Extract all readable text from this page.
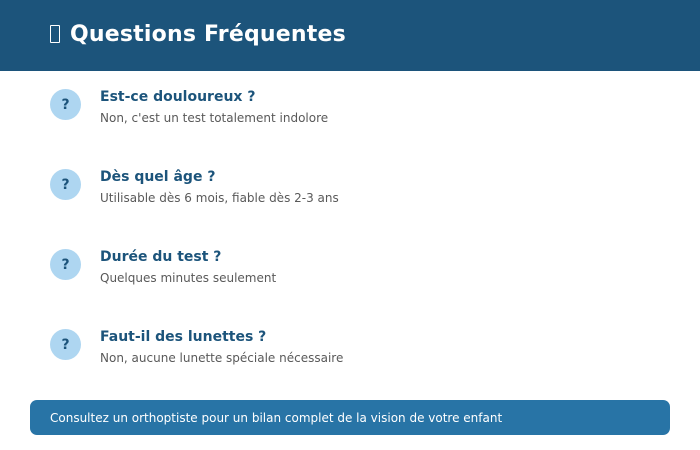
Questions Fréquentes
?	Est-ce douloureux ?
Non, c'est un test totalement indolore
?	Dès quel âge ?
Utilisable dès 6 mois, fiable dès 2-3 ans
?	Durée du test ?
Quelques minutes seulement
?	Faut-il des lunettes ?
Non, aucune lunette spéciale nécessaire
Consultez un orthoptiste pour un bilan complet de la vision de votre enfant
